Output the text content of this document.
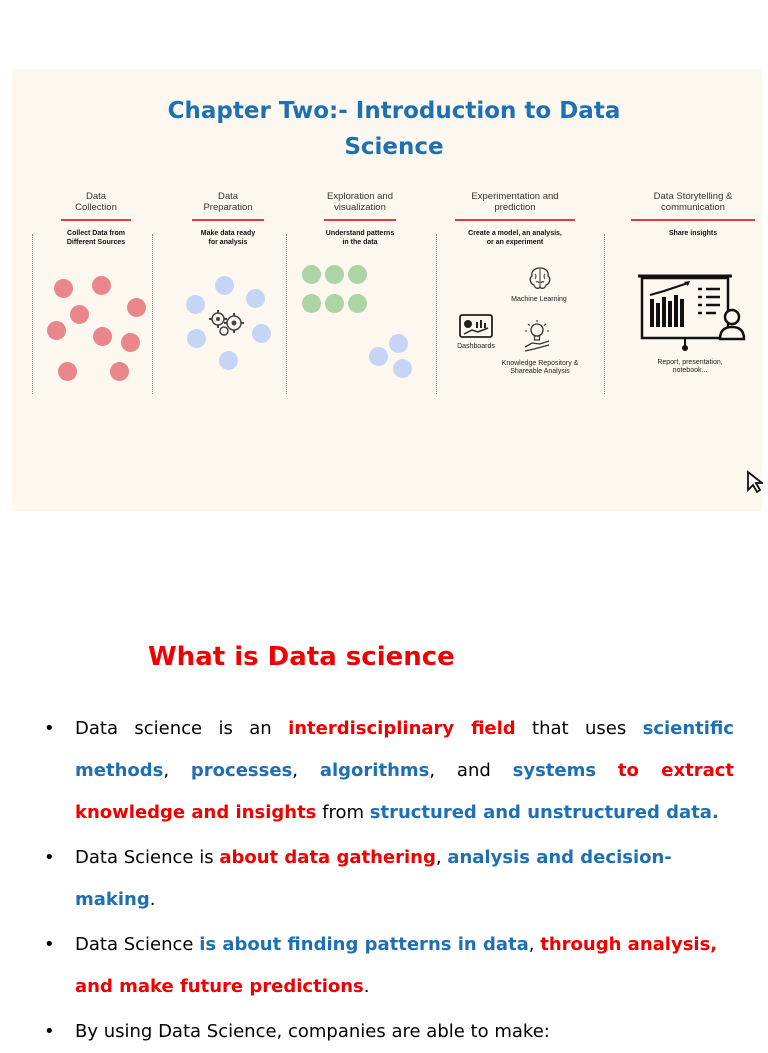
Chapter Two:- Introduction to Data
Science
Data
Collection
Collect Data from
Different Sources
Data
Preparation
Make data ready
for analysis
Exploration and
visualization
Understand patterns
in the data
Experimentation and
prediction
Create a model, an analysis,
or an experiment
Data Storytelling &
communication
Share insights
Machine Learning
Dashboards
Knowledge Repository &
Shareable Analysis
Report, presentation,
notebook...
What is Data science
• Data science is an interdisciplinary field that uses scientific methods, processes, algorithms, and systems to extract knowledge and insights from structured and unstructured data.
• Data Science is about data gathering, analysis and decision-making.
• Data Science is about finding patterns in data, through analysis, and make future predictions.
• By using Data Science, companies are able to make:
